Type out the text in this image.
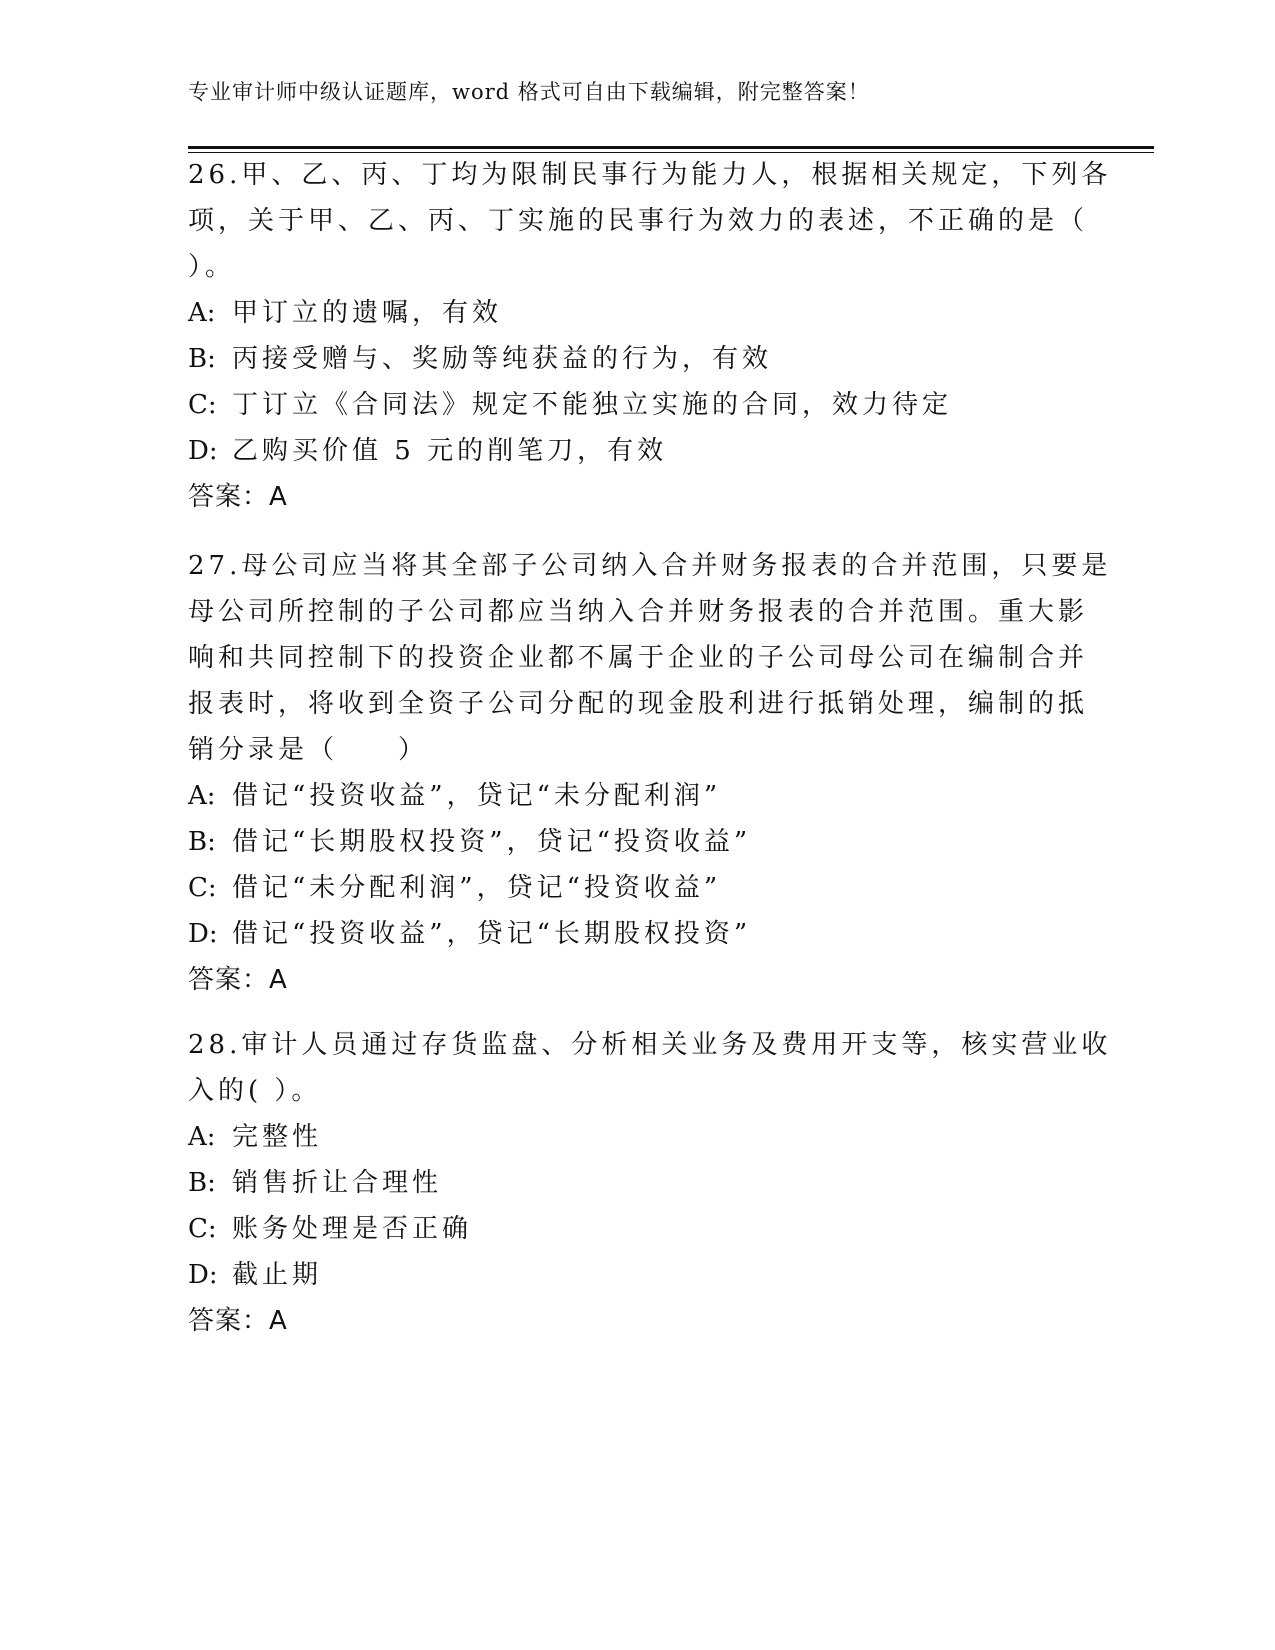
专业审计师中级认证题库，word 格式可自由下载编辑，附完整答案！
26.甲、乙、丙、丁均为限制民事行为能力人，根据相关规定，下列各
项，关于甲、乙、丙、丁实施的民事行为效力的表述，不正确的是（
）。
A: 甲订立的遗嘱，有效
B: 丙接受赠与、奖励等纯获益的行为，有效
C: 丁订立《合同法》规定不能独立实施的合同，效力待定
D: 乙购买价值 5 元的削笔刀，有效
答案：A
27.母公司应当将其全部子公司纳入合并财务报表的合并范围，只要是
母公司所控制的子公司都应当纳入合并财务报表的合并范围。重大影
响和共同控制下的投资企业都不属于企业的子公司母公司在编制合并
报表时，将收到全资子公司分配的现金股利进行抵销处理，编制的抵
销分录是（　　）
A: 借记“投资收益”，贷记“未分配利润”
B: 借记“长期股权投资”，贷记“投资收益”
C: 借记“未分配利润”，贷记“投资收益”
D: 借记“投资收益”，贷记“长期股权投资”
答案：A
28.审计人员通过存货监盘、分析相关业务及费用开支等，核实营业收
入的( ）。
A: 完整性
B: 销售折让合理性
C: 账务处理是否正确
D: 截止期
答案：A
